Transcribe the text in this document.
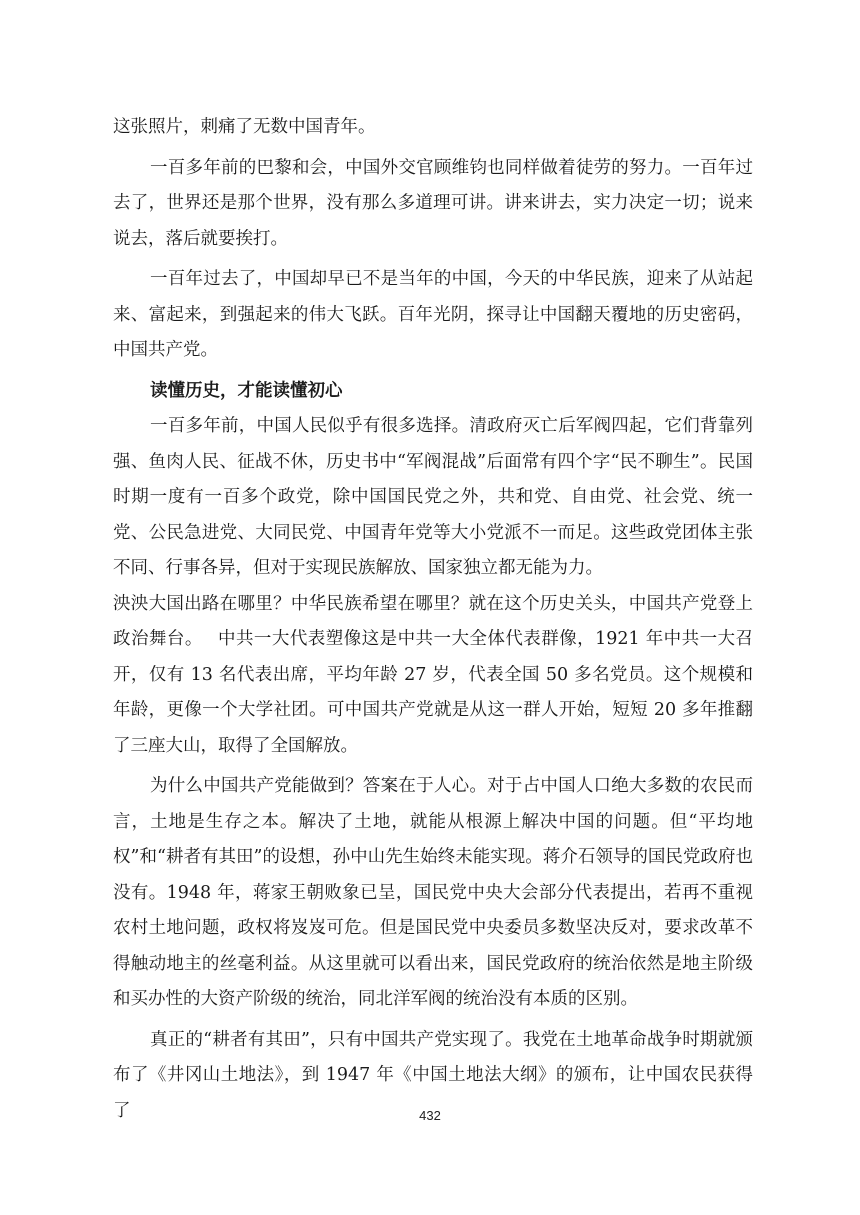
这张照片，刺痛了无数中国青年。

一百多年前的巴黎和会，中国外交官顾维钧也同样做着徒劳的努力。一百年过去了，世界还是那个世界，没有那么多道理可讲。讲来讲去，实力决定一切；说来说去，落后就要挨打。

一百年过去了，中国却早已不是当年的中国，今天的中华民族，迎来了从站起来、富起来，到强起来的伟大飞跃。百年光阴，探寻让中国翻天覆地的历史密码，中国共产党。

读懂历史，才能读懂初心

一百多年前，中国人民似乎有很多选择。清政府灭亡后军阀四起，它们背靠列强、鱼肉人民、征战不休，历史书中“军阀混战”后面常有四个字“民不聊生”。民国时期一度有一百多个政党，除中国国民党之外，共和党、自由党、社会党、统一党、公民急进党、大同民党、中国青年党等大小党派不一而足。这些政党团体主张不同、行事各异，但对于实现民族解放、国家独立都无能为力。

泱泱大国出路在哪里？中华民族希望在哪里？就在这个历史关头，中国共产党登上政治舞台。　 中共一大代表塑像这是中共一大全体代表群像，1921 年中共一大召开，仅有 13 名代表出席，平均年龄 27 岁，代表全国 50 多名党员。这个规模和年龄，更像一个大学社团。可中国共产党就是从这一群人开始，短短 20 多年推翻了三座大山，取得了全国解放。

为什么中国共产党能做到？答案在于人心。对于占中国人口绝大多数的农民而言，土地是生存之本。解决了土地，就能从根源上解决中国的问题。但“平均地权”和“耕者有其田”的设想，孙中山先生始终未能实现。蒋介石领导的国民党政府也没有。1948 年，蒋家王朝败象已呈，国民党中央大会部分代表提出，若再不重视农村土地问题，政权将岌岌可危。但是国民党中央委员多数坚决反对，要求改革不得触动地主的丝毫利益。从这里就可以看出来，国民党政府的统治依然是地主阶级和买办性的大资产阶级的统治，同北洋军阀的统治没有本质的区别。

真正的“耕者有其田”，只有中国共产党实现了。我党在土地革命战争时期就颁布了《井冈山土地法》，到 1947 年《中国土地法大纲》的颁布，让中国农民获得了	432
